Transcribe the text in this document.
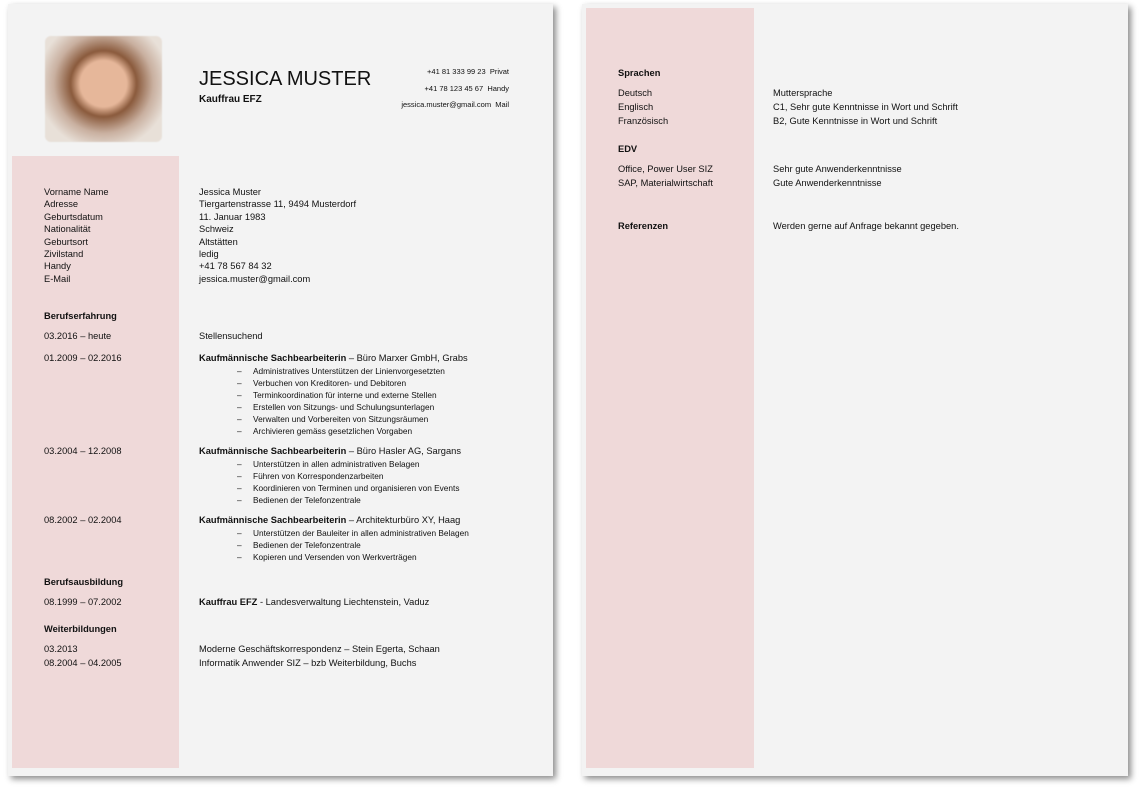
JESSICA MUSTER
Kauffrau EFZ
+41 81 333 99 23 Privat
+41 78 123 45 67 Handy
jessica.muster@gmail.com Mail
Vorname Name	Jessica Muster
Adresse	Tiergartenstrasse 11, 9494 Musterdorf
Geburtsdatum	11. Januar 1983
Nationalität	Schweiz
Geburtsort	Altstätten
Zivilstand	ledig
Handy	+41 78 567 84 32
E-Mail	jessica.muster@gmail.com
Berufserfahrung
03.2016 – heute	Stellensuchend
01.2009 – 02.2016	Kaufmännische Sachbearbeiterin – Büro Marxer GmbH, Grabs
– Administratives Unterstützen der Linienvorgesetzten
– Verbuchen von Kreditoren- und Debitoren
– Terminkoordination für interne und externe Stellen
– Erstellen von Sitzungs- und Schulungsunterlagen
– Verwalten und Vorbereiten von Sitzungsräumen
– Archivieren gemäss gesetzlichen Vorgaben
03.2004 – 12.2008	Kaufmännische Sachbearbeiterin – Büro Hasler AG, Sargans
– Unterstützen in allen administrativen Belagen
– Führen von Korrespondenzarbeiten
– Koordinieren von Terminen und organisieren von Events
– Bedienen der Telefonzentrale
08.2002 – 02.2004	Kaufmännische Sachbearbeiterin – Architekturbüro XY, Haag
– Unterstützen der Bauleiter in allen administrativen Belagen
– Bedienen der Telefonzentrale
– Kopieren und Versenden von Werkverträgen
Berufsausbildung
08.1999 – 07.2002	Kauffrau EFZ - Landesverwaltung Liechtenstein, Vaduz
Weiterbildungen
03.2013	Moderne Geschäftskorrespondenz – Stein Egerta, Schaan
08.2004 – 04.2005	Informatik Anwender SIZ – bzb Weiterbildung, Buchs
Sprachen
Deutsch	Muttersprache
Englisch	C1, Sehr gute Kenntnisse in Wort und Schrift
Französisch	B2, Gute Kenntnisse in Wort und Schrift
EDV
Office, Power User SIZ	Sehr gute Anwenderkenntnisse
SAP, Materialwirtschaft	Gute Anwenderkenntnisse
Referenzen	Werden gerne auf Anfrage bekannt gegeben.
